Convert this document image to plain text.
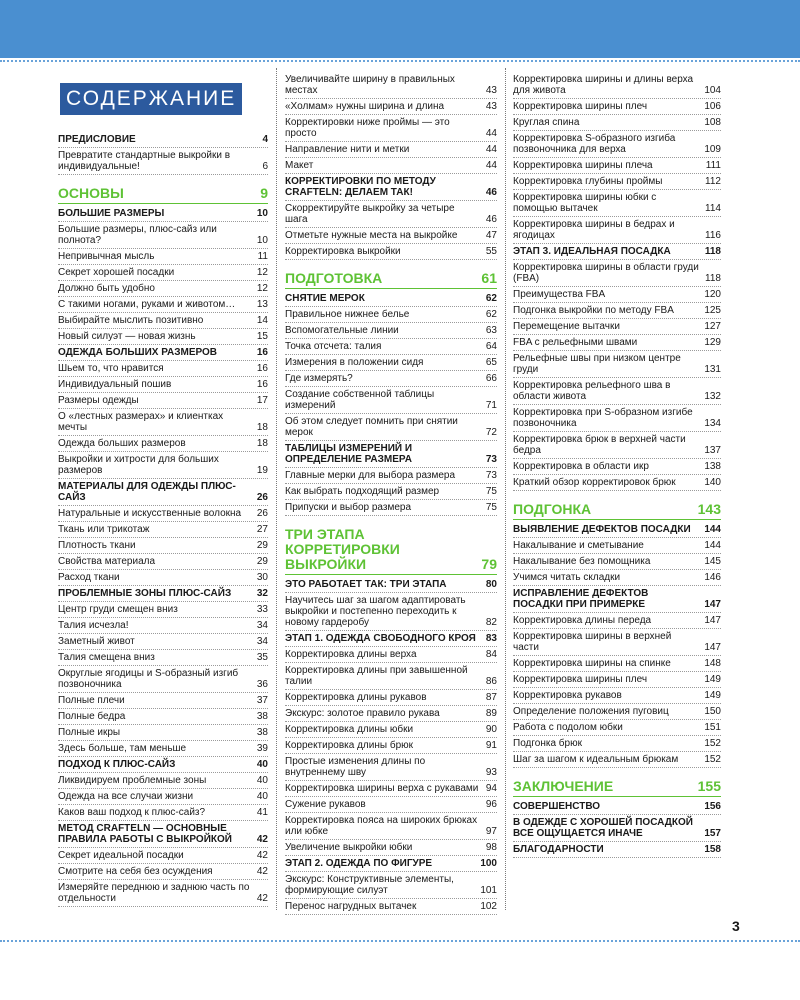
СОДЕРЖАНИЕ
ПРЕДИСЛОВИЕ	4
Превратите стандартные выкройки в индивидуальные!	6
ОСНОВЫ	9
БОЛЬШИЕ РАЗМЕРЫ	10
Большие размеры, плюс-сайз или полнота?	10
Непривычная мысль	11
Секрет хорошей посадки	12
Должно быть удобно	12
С такими ногами, руками и животом…	13
Выбирайте мыслить позитивно	14
Новый силуэт — новая жизнь	15
ОДЕЖДА БОЛЬШИХ РАЗМЕРОВ	16
Шьем то, что нравится	16
Индивидуальный пошив	16
Размеры одежды	17
О «лестных размерах» и клиентках мечты	18
Одежда больших размеров	18
Выкройки и хитрости для больших размеров	19
МАТЕРИАЛЫ ДЛЯ ОДЕЖДЫ ПЛЮС-САЙЗ	26
Натуральные и искусственные волокна	26
Ткань или трикотаж	27
Плотность ткани	29
Свойства материала	29
Расход ткани	30
ПРОБЛЕМНЫЕ ЗОНЫ ПЛЮС-САЙЗ	32
Центр груди смещен вниз	33
Талия исчезла!	34
Заметный живот	34
Талия смещена вниз	35
Округлые ягодицы и S-образный изгиб позвоночника	36
Полные плечи	37
Полные бедра	38
Полные икры	38
Здесь больше, там меньше	39
ПОДХОД К ПЛЮС-САЙЗ	40
Ликвидируем проблемные зоны	40
Одежда на все случаи жизни	40
Каков ваш подход к плюс-сайз?	41
МЕТОД CRAFTELN — ОСНОВНЫЕ ПРАВИЛА РАБОТЫ С ВЫКРОЙКОЙ	42
Секрет идеальной посадки	42
Смотрите на себя без осуждения	42
Измеряйте переднюю и заднюю часть по отдельности	42
Увеличивайте ширину в правильных местах	43
«Холмам» нужны ширина и длина	43
Корректировки ниже проймы — это просто	44
Направление нити и метки	44
Макет	44
КОРРЕКТИРОВКИ ПО МЕТОДУ CRAFTELN: ДЕЛАЕМ ТАК!	46
Скорректируйте выкройку за четыре шага	46
Отметьте нужные места на выкройке	47
Корректировка выкройки	55
ПОДГОТОВКА	61
СНЯТИЕ МЕРОК	62
Правильное нижнее белье	62
Вспомогательные линии	63
Точка отсчета: талия	64
Измерения в положении сидя	65
Где измерять?	66
Создание собственной таблицы измерений	71
Об этом следует помнить при снятии мерок	72
ТАБЛИЦЫ ИЗМЕРЕНИЙ И ОПРЕДЕЛЕНИЕ РАЗМЕРА	73
Главные мерки для выбора размера	73
Как выбрать подходящий размер	75
Припуски и выбор размера	75
ТРИ ЭТАПА КОРРЕТИРОВКИ ВЫКРОЙКИ	79
ЭТО РАБОТАЕТ ТАК: ТРИ ЭТАПА	80
Научитесь шаг за шагом адаптировать выкройки и постепенно переходить к новому гардеробу	82
ЭТАП 1. ОДЕЖДА СВОБОДНОГО КРОЯ	83
Корректировка длины верха	84
Корректировка длины при завышенной талии	86
Корректировка длины рукавов	87
Экскурс: золотое правило рукава	89
Корректировка длины юбки	90
Корректировка длины брюк	91
Простые изменения длины по внутреннему шву	93
Корректировка ширины верха с рукавами 94
Сужение рукавов	96
Корректировка пояса на широких брюках или юбке	97
Увеличение выкройки юбки	98
ЭТАП 2. ОДЕЖДА ПО ФИГУРЕ	100
Экскурс: Конструктивные элементы, формирующие силуэт	101
Перенос нагрудных вытачек	102
Корректировка ширины и длины верха для живота	104
Корректировка ширины плеч	106
Круглая спина	108
Корректировка S-образного изгиба позвоночника для верха	109
Корректировка ширины плеча	111
Корректировка глубины проймы	112
Корректировка ширины юбки с помощью вытачек	114
Корректировка ширины в бедрах и ягодицах	116
ЭТАП 3. ИДЕАЛЬНАЯ ПОСАДКА	118
Корректировка ширины в области груди (FBA)	118
Преимущества FBA	120
Подгонка выкройки по методу FBA	125
Перемещение вытачки	127
FBA с рельефными швами	129
Рельефные швы при низком центре груди	131
Корректировка рельефного шва в области живота	132
Корректировка при S-образном изгибе позвоночника	134
Корректировка брюк в верхней части бедра	137
Корректировка в области икр	138
Краткий обзор корректировок брюк	140
ПОДГОНКА	143
ВЫЯВЛЕНИЕ ДЕФЕКТОВ ПОСАДКИ	144
Накалывание и сметывание	144
Накалывание без помощника	145
Учимся читать складки	146
ИСПРАВЛЕНИЕ ДЕФЕКТОВ ПОСАДКИ ПРИ ПРИМЕРКЕ	147
Корректировка длины переда	147
Корректировка ширины в верхней части	147
Корректировка ширины на спинке	148
Корректировка ширины плеч	149
Корректировка рукавов	149
Определение положения пуговиц	150
Работа с подолом юбки	151
Подгонка брюк	152
Шаг за шагом к идеальным брюкам	152
ЗАКЛЮЧЕНИЕ	155
СОВЕРШЕНСТВО	156
В ОДЕЖДЕ С ХОРОШЕЙ ПОСАДКОЙ ВСЕ ОЩУЩАЕТСЯ ИНАЧЕ	157
БЛАГОДАРНОСТИ	158
3
